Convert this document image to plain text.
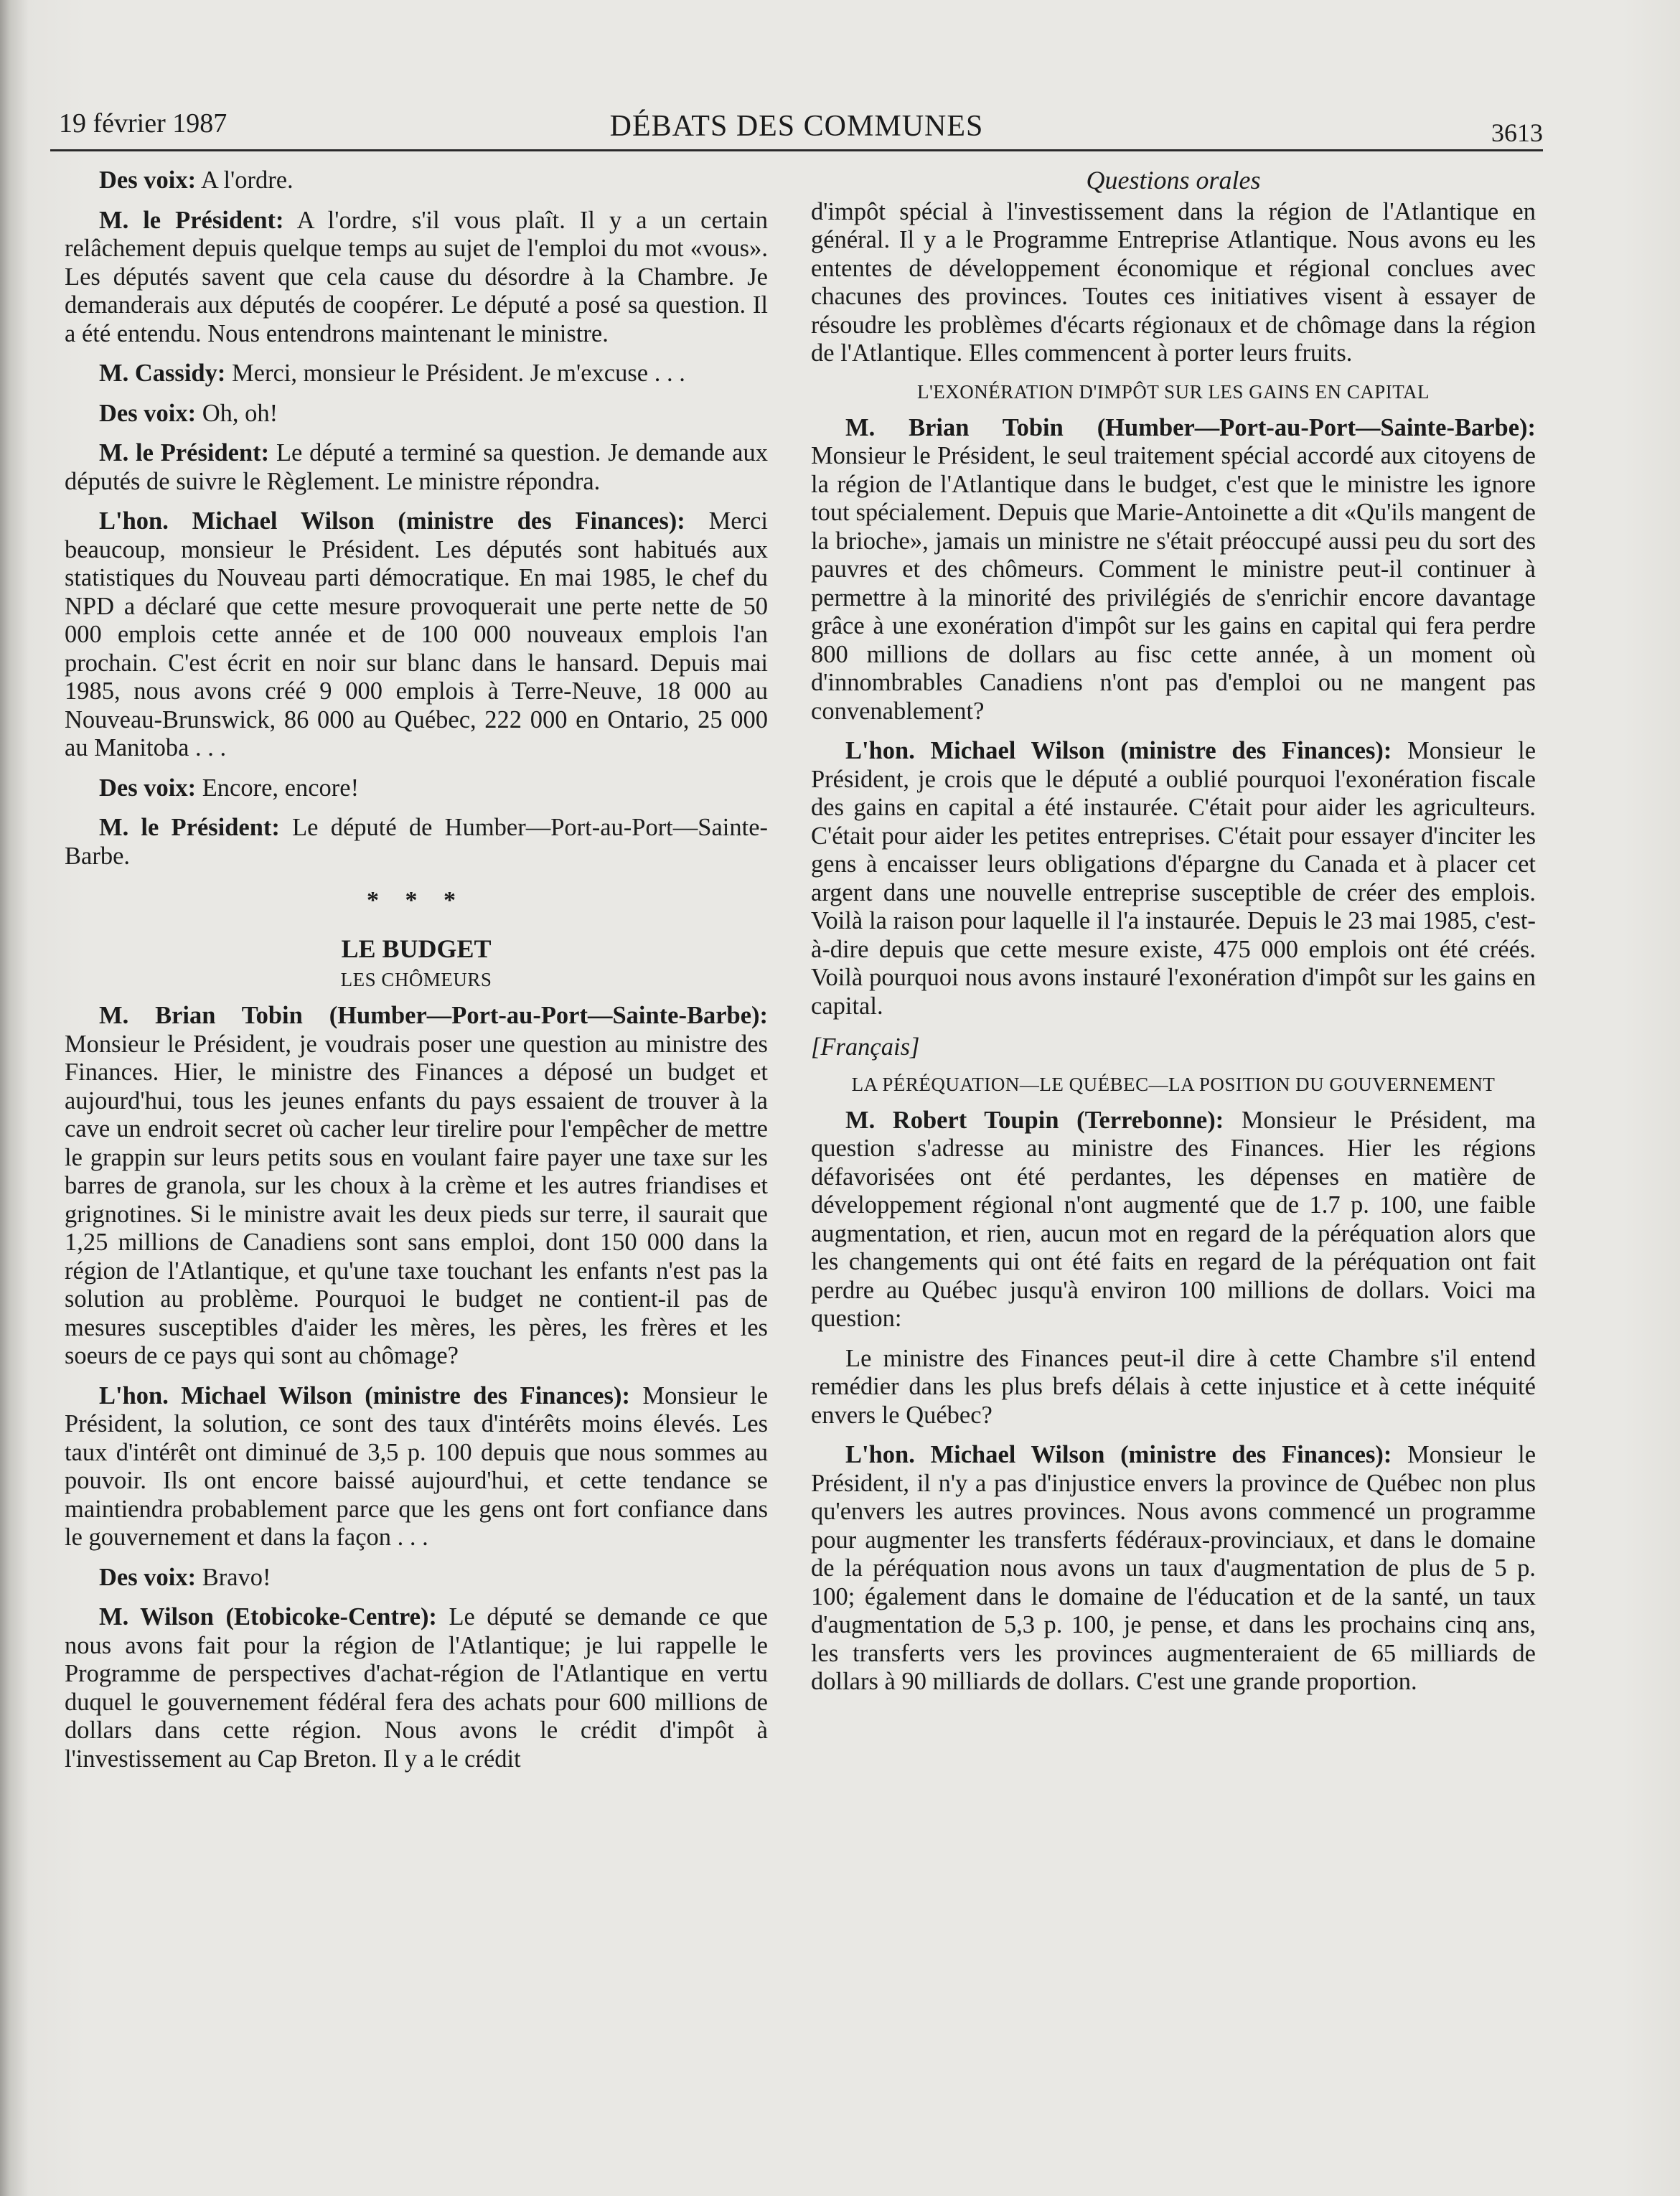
19 février 1987	DÉBATS DES COMMUNES	3613

Des voix: A l'ordre.

M. le Président: A l'ordre, s'il vous plaît. Il y a un certain relâchement depuis quelque temps au sujet de l'emploi du mot «vous». Les députés savent que cela cause du désordre à la Chambre. Je demanderais aux députés de coopérer. Le député a posé sa question. Il a été entendu. Nous entendrons maintenant le ministre.

M. Cassidy: Merci, monsieur le Président. Je m'excuse . . .

Des voix: Oh, oh!

M. le Président: Le député a terminé sa question. Je demande aux députés de suivre le Règlement. Le ministre répondra.

L'hon. Michael Wilson (ministre des Finances): Merci beaucoup, monsieur le Président. Les députés sont habitués aux statistiques du Nouveau parti démocratique. En mai 1985, le chef du NPD a déclaré que cette mesure provoquerait une perte nette de 50 000 emplois cette année et de 100 000 nouveaux emplois l'an prochain. C'est écrit en noir sur blanc dans le hansard. Depuis mai 1985, nous avons créé 9 000 emplois à Terre-Neuve, 18 000 au Nouveau-Brunswick, 86 000 au Québec, 222 000 en Ontario, 25 000 au Manitoba . . .

Des voix: Encore, encore!

M. le Président: Le député de Humber—Port-au-Port—Sainte-Barbe.

* * *
LE BUDGET
LES CHÔMEURS

M. Brian Tobin (Humber—Port-au-Port—Sainte-Barbe): Monsieur le Président, je voudrais poser une question au ministre des Finances. Hier, le ministre des Finances a déposé un budget et aujourd'hui, tous les jeunes enfants du pays essaient de trouver à la cave un endroit secret où cacher leur tirelire pour l'empêcher de mettre le grappin sur leurs petits sous en voulant faire payer une taxe sur les barres de granola, sur les choux à la crème et les autres friandises et grignotines. Si le ministre avait les deux pieds sur terre, il saurait que 1,25 millions de Canadiens sont sans emploi, dont 150 000 dans la région de l'Atlantique, et qu'une taxe touchant les enfants n'est pas la solution au problème. Pourquoi le budget ne contient-il pas de mesures susceptibles d'aider les mères, les pères, les frères et les soeurs de ce pays qui sont au chômage?

L'hon. Michael Wilson (ministre des Finances): Monsieur le Président, la solution, ce sont des taux d'intérêts moins élevés. Les taux d'intérêt ont diminué de 3,5 p. 100 depuis que nous sommes au pouvoir. Ils ont encore baissé aujourd'hui, et cette tendance se maintiendra probablement parce que les gens ont fort confiance dans le gouvernement et dans la façon . . .

Des voix: Bravo!

M. Wilson (Etobicoke-Centre): Le député se demande ce que nous avons fait pour la région de l'Atlantique; je lui rappelle le Programme de perspectives d'achat-région de l'Atlantique en vertu duquel le gouvernement fédéral fera des achats pour 600 millions de dollars dans cette région. Nous avons le crédit d'impôt à l'investissement au Cap Breton. Il y a le crédit

Questions orales

d'impôt spécial à l'investissement dans la région de l'Atlantique en général. Il y a le Programme Entreprise Atlantique. Nous avons eu les ententes de développement économique et régional conclues avec chacunes des provinces. Toutes ces initiatives visent à essayer de résoudre les problèmes d'écarts régionaux et de chômage dans la région de l'Atlantique. Elles commencent à porter leurs fruits.

L'EXONÉRATION D'IMPÔT SUR LES GAINS EN CAPITAL

M. Brian Tobin (Humber—Port-au-Port—Sainte-Barbe): Monsieur le Président, le seul traitement spécial accordé aux citoyens de la région de l'Atlantique dans le budget, c'est que le ministre les ignore tout spécialement. Depuis que Marie-Antoinette a dit «Qu'ils mangent de la brioche», jamais un ministre ne s'était préoccupé aussi peu du sort des pauvres et des chômeurs. Comment le ministre peut-il continuer à permettre à la minorité des privilégiés de s'enrichir encore davantage grâce à une exonération d'impôt sur les gains en capital qui fera perdre 800 millions de dollars au fisc cette année, à un moment où d'innombrables Canadiens n'ont pas d'emploi ou ne mangent pas convenablement?

L'hon. Michael Wilson (ministre des Finances): Monsieur le Président, je crois que le député a oublié pourquoi l'exonération fiscale des gains en capital a été instaurée. C'était pour aider les agriculteurs. C'était pour aider les petites entreprises. C'était pour essayer d'inciter les gens à encaisser leurs obligations d'épargne du Canada et à placer cet argent dans une nouvelle entreprise susceptible de créer des emplois. Voilà la raison pour laquelle il l'a instaurée. Depuis le 23 mai 1985, c'est-à-dire depuis que cette mesure existe, 475 000 emplois ont été créés. Voilà pourquoi nous avons instauré l'exonération d'impôt sur les gains en capital.

[Français]
LA PÉRÉQUATION—LE QUÉBEC—LA POSITION DU GOUVERNEMENT

M. Robert Toupin (Terrebonne): Monsieur le Président, ma question s'adresse au ministre des Finances. Hier les régions défavorisées ont été perdantes, les dépenses en matière de développement régional n'ont augmenté que de 1.7 p. 100, une faible augmentation, et rien, aucun mot en regard de la péréquation alors que les changements qui ont été faits en regard de la péréquation ont fait perdre au Québec jusqu'à environ 100 millions de dollars. Voici ma question:

Le ministre des Finances peut-il dire à cette Chambre s'il entend remédier dans les plus brefs délais à cette injustice et à cette inéquité envers le Québec?

L'hon. Michael Wilson (ministre des Finances): Monsieur le Président, il n'y a pas d'injustice envers la province de Québec non plus qu'envers les autres provinces. Nous avons commencé un programme pour augmenter les transferts fédéraux-provinciaux, et dans le domaine de la péréquation nous avons un taux d'augmentation de plus de 5 p. 100; également dans le domaine de l'éducation et de la santé, un taux d'augmentation de 5,3 p. 100, je pense, et dans les prochains cinq ans, les transferts vers les provinces augmenteraient de 65 milliards de dollars à 90 milliards de dollars. C'est une grande proportion.
